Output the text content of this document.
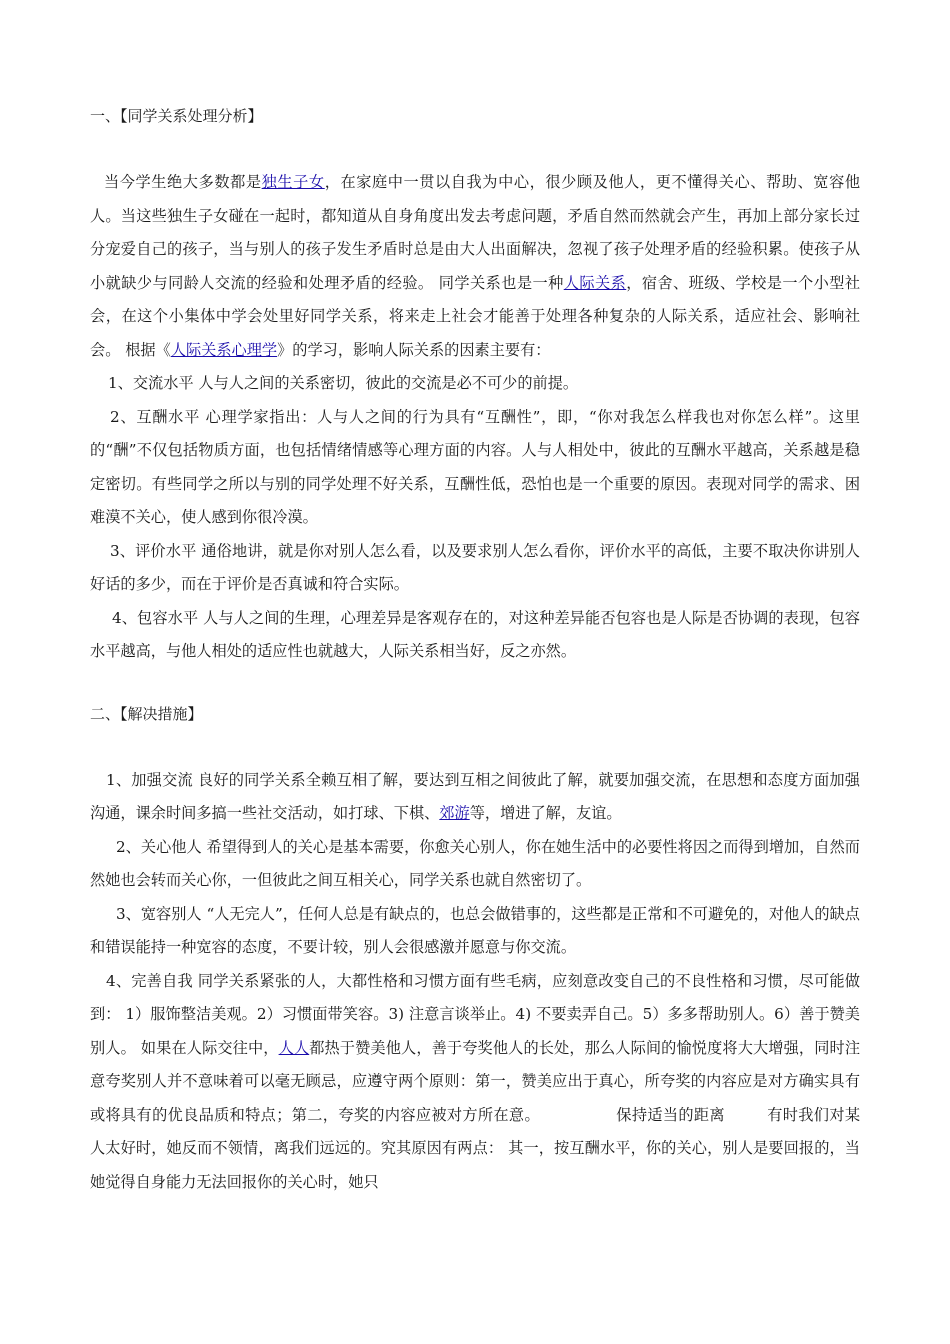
一、【同学关系处理分析】

当今学生绝大多数都是独生子女，在家庭中一贯以自我为中心，很少顾及他人，更不懂得关心、帮助、宽容他人。当这些独生子女碰在一起时，都知道从自身角度出发去考虑问题，矛盾自然而然就会产生，再加上部分家长过分宠爱自己的孩子，当与别人的孩子发生矛盾时总是由大人出面解决，忽视了孩子处理矛盾的经验积累。使孩子从小就缺少与同龄人交流的经验和处理矛盾的经验。 同学关系也是一种人际关系，宿舍、班级、学校是一个小型社会，在这个小集体中学会处里好同学关系，将来走上社会才能善于处理各种复杂的人际关系，适应社会、影响社会。 根据《人际关系心理学》的学习，影响人际关系的因素主要有：

1、交流水平 人与人之间的关系密切，彼此的交流是必不可少的前提。

2、互酬水平 心理学家指出：人与人之间的行为具有“互酬性”，即，“你对我怎么样我也对你怎么样”。这里的“酬”不仅包括物质方面，也包括情绪情感等心理方面的内容。人与人相处中，彼此的互酬水平越高，关系越是稳定密切。有些同学之所以与别的同学处理不好关系，互酬性低，恐怕也是一个重要的原因。表现对同学的需求、困难漠不关心，使人感到你很冷漠。

3、评价水平 通俗地讲，就是你对别人怎么看，以及要求别人怎么看你，评价水平的高低，主要不取决你讲别人好话的多少，而在于评价是否真诚和符合实际。

4、包容水平 人与人之间的生理，心理差异是客观存在的，对这种差异能否包容也是人际是否协调的表现，包容水平越高，与他人相处的适应性也就越大，人际关系相当好，反之亦然。

二、【解决措施】

1、加强交流 良好的同学关系全赖互相了解，要达到互相之间彼此了解，就要加强交流，在思想和态度方面加强沟通，课余时间多搞一些社交活动，如打球、下棋、郊游等，增进了解，友谊。

2、关心他人 希望得到人的关心是基本需要，你愈关心别人，你在她生活中的必要性将因之而得到增加，自然而然她也会转而关心你，一但彼此之间互相关心，同学关系也就自然密切了。

3、宽容别人 “人无完人”，任何人总是有缺点的，也总会做错事的，这些都是正常和不可避免的，对他人的缺点和错误能持一种宽容的态度，不要计较，别人会很感激并愿意与你交流。

4、完善自我 同学关系紧张的人，大都性格和习惯方面有些毛病，应刻意改变自己的不良性格和习惯，尽可能做到： 1）服饰整洁美观。2）习惯面带笑容。3) 注意言谈举止。4) 不要卖弄自己。5）多多帮助别人。6）善于赞美别人。 如果在人际交往中，人人都热于赞美他人，善于夸奖他人的长处，那么人际间的愉悦度将大大增强，同时注意夸奖别人并不意味着可以毫无顾忌，应遵守两个原则：第一，赞美应出于真心，所夸奖的内容应是对方确实具有或将具有的优良品质和特点；第二，夸奖的内容应被对方所在意。	保持适当的距离	有时我们对某人太好时，她反而不领情，离我们远远的。究其原因有两点： 其一，按互酬水平，你的关心，别人是要回报的，当她觉得自身能力无法回报你的关心时，她只
